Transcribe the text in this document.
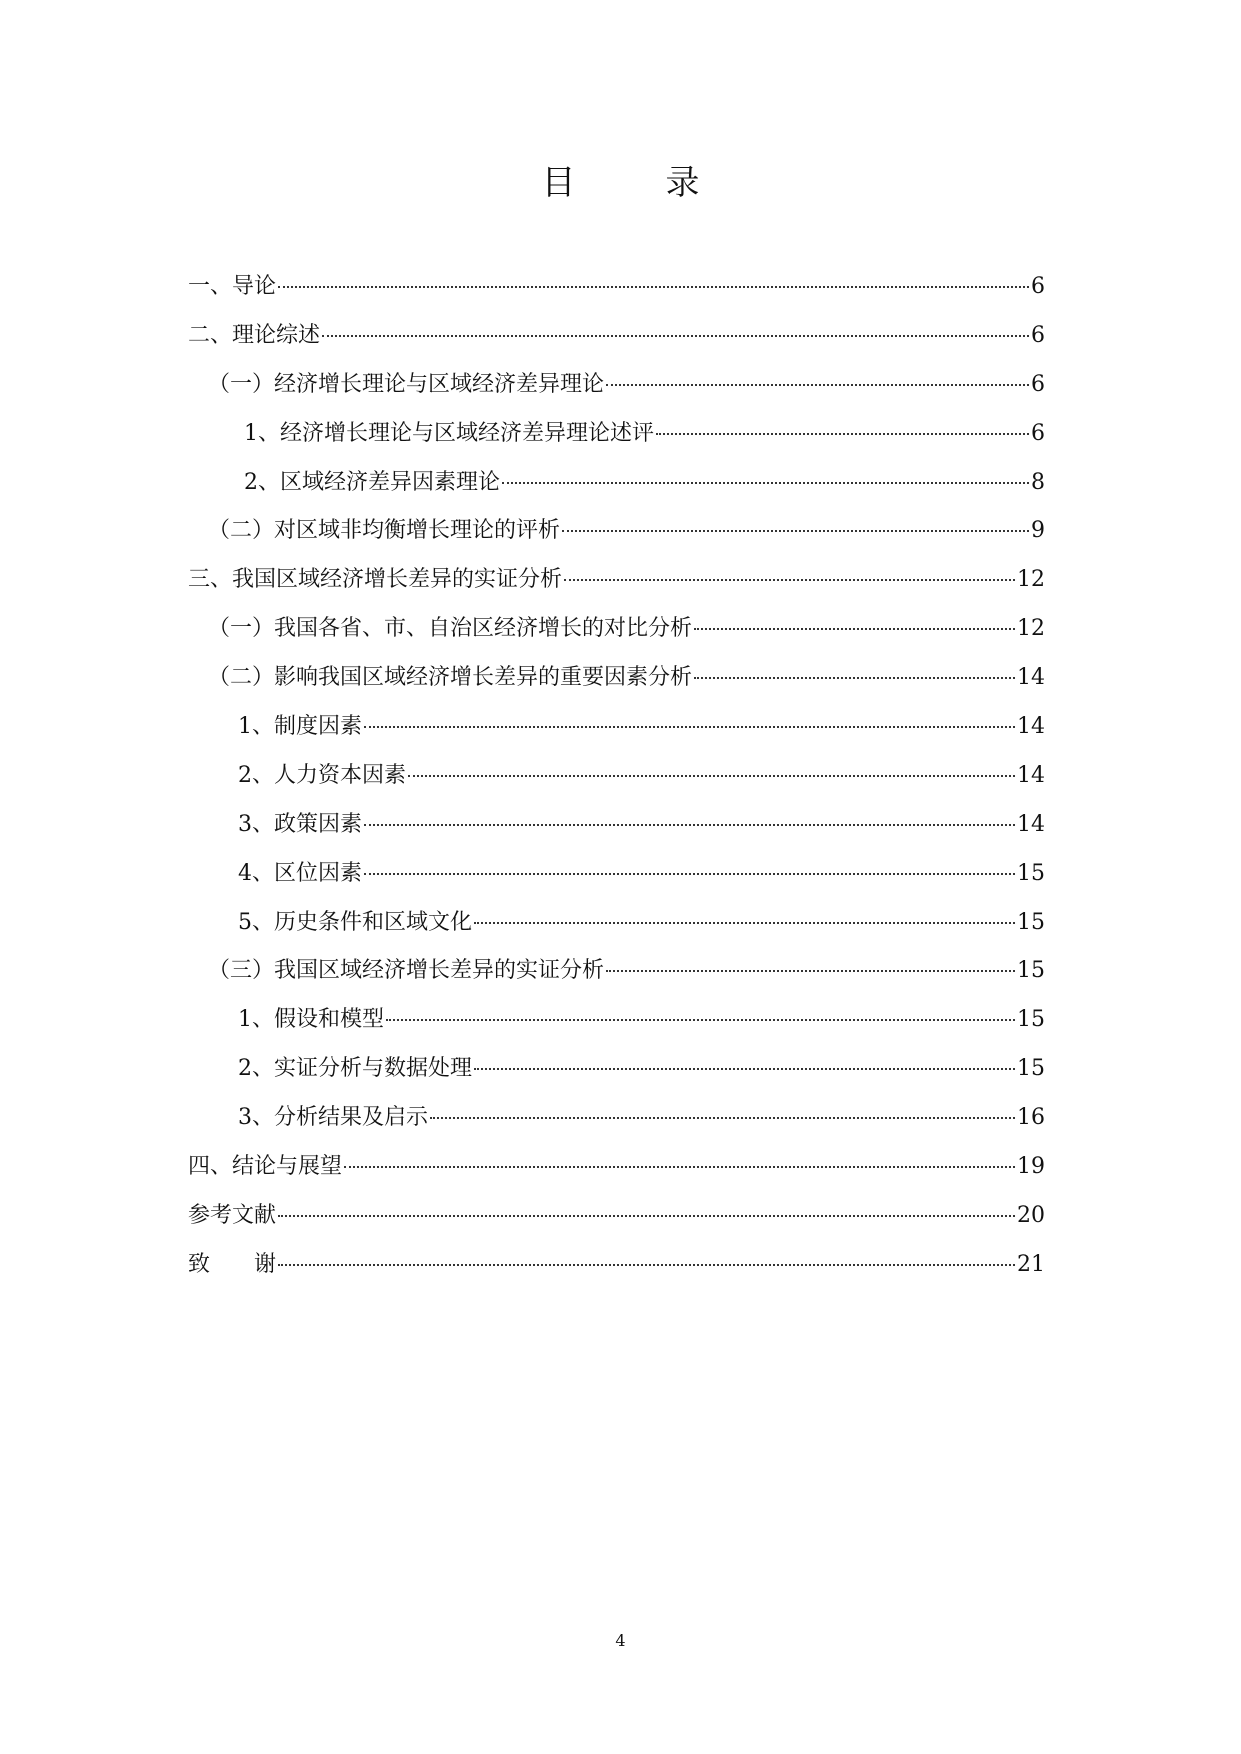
目	录
一、导论	6
二、理论综述	6
（一）经济增长理论与区域经济差异理论	6
1、经济增长理论与区域经济差异理论述评	6
2、区域经济差异因素理论	8
（二）对区域非均衡增长理论的评析	9
三、我国区域经济增长差异的实证分析	12
（一）我国各省、市、自治区经济增长的对比分析	12
（二）影响我国区域经济增长差异的重要因素分析	14
1、制度因素	14
2、人力资本因素	14
3、政策因素	14
4、区位因素	15
5、历史条件和区域文化	15
（三）我国区域经济增长差异的实证分析	15
1、假设和模型	15
2、实证分析与数据处理	15
3、分析结果及启示	16
四、结论与展望	19
参考文献	20
致　　谢	21
4
